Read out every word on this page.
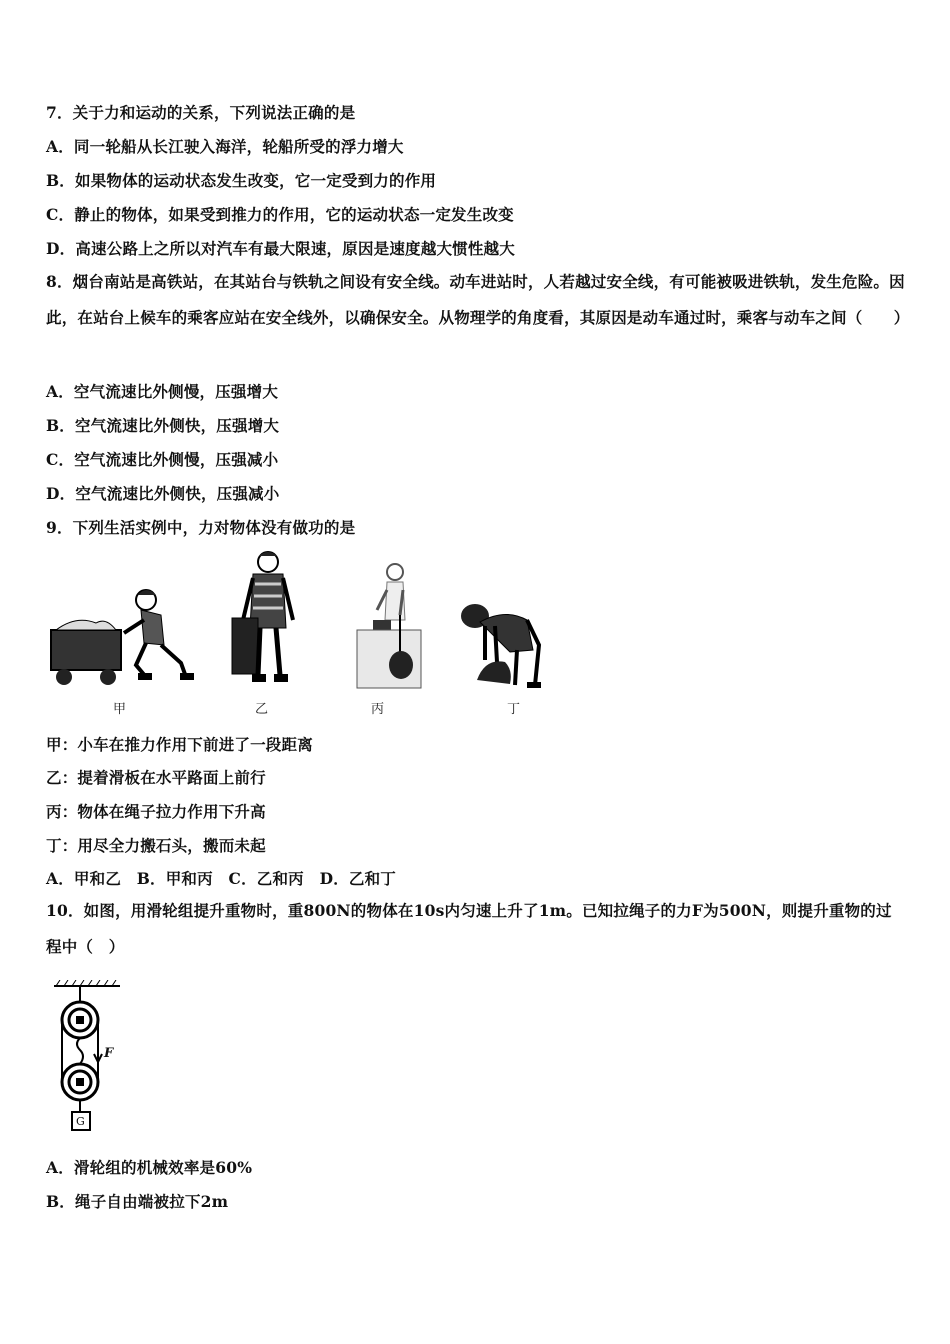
7．关于力和运动的关系，下列说法正确的是
A．同一轮船从长江驶入海洋，轮船所受的浮力增大
B．如果物体的运动状态发生改变，它一定受到力的作用
C．静止的物体，如果受到推力的作用，它的运动状态一定发生改变
D．高速公路上之所以对汽车有最大限速，原因是速度越大惯性越大
8．烟台南站是高铁站，在其站台与铁轨之间设有安全线。动车进站时，人若越过安全线，有可能被吸进铁轨，发生危险。因此，在站台上候车的乘客应站在安全线外，以确保安全。从物理学的角度看，其原因是动车通过时，乘客与动车之间（　　）
A．空气流速比外侧慢，压强增大
B．空气流速比外侧快，压强增大
C．空气流速比外侧慢，压强减小
D．空气流速比外侧快，压强减小
9．下列生活实例中，力对物体没有做功的是
甲	乙	丙	丁
甲：小车在推力作用下前进了一段距离
乙：提着滑板在水平路面上前行
丙：物体在绳子拉力作用下升高
丁：用尽全力搬石头，搬而未起
A．甲和乙　B．甲和丙　C．乙和丙　D．乙和丁
10．如图，用滑轮组提升重物时，重800N的物体在10s内匀速上升了1m。已知拉绳子的力F为500N，则提升重物的过程中（　）
F
G
A．滑轮组的机械效率是60%
B．绳子自由端被拉下2m
